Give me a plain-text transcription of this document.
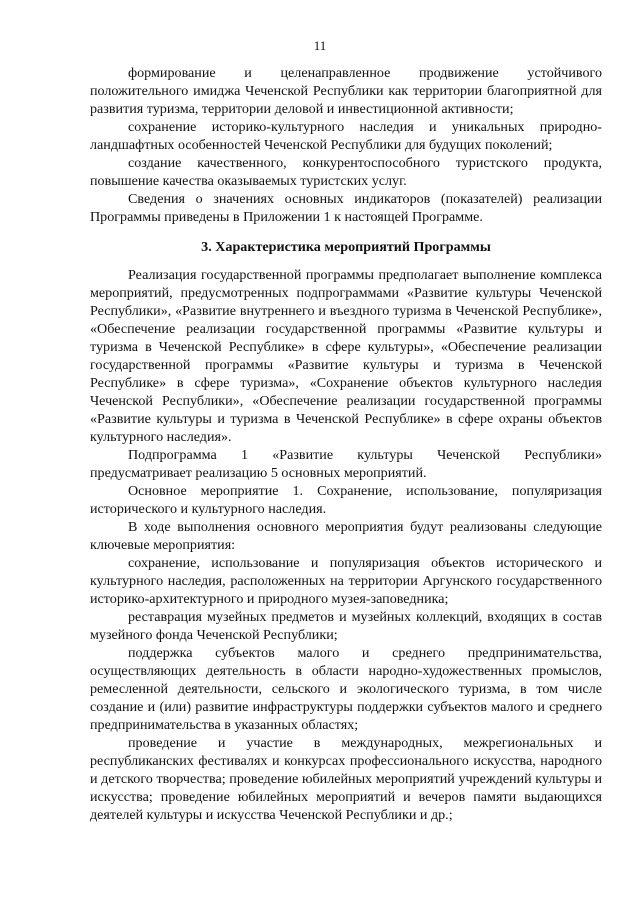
11

формирование и целенаправленное продвижение устойчивого положительного имиджа Чеченской Республики как территории благоприятной для развития туризма, территории деловой и инвестиционной активности;

сохранение историко-культурного наследия и уникальных природно-ландшафтных особенностей Чеченской Республики для будущих поколений;

создание качественного, конкурентоспособного туристского продукта, повышение качества оказываемых туристских услуг.

Сведения о значениях основных индикаторов (показателей) реализации Программы приведены в Приложении 1 к настоящей Программе.

3. Характеристика мероприятий Программы

Реализация государственной программы предполагает выполнение комплекса мероприятий, предусмотренных подпрограммами «Развитие культуры Чеченской Республики», «Развитие внутреннего и въездного туризма в Чеченской Республике», «Обеспечение реализации государственной программы «Развитие культуры и туризма в Чеченской Республике» в сфере культуры», «Обеспечение реализации государственной программы «Развитие культуры и туризма в Чеченской Республике» в сфере туризма», «Сохранение объектов культурного наследия Чеченской Республики», «Обеспечение реализации государственной программы «Развитие культуры и туризма в Чеченской Республике» в сфере охраны объектов культурного наследия».

Подпрограмма 1 «Развитие культуры Чеченской Республики» предусматривает реализацию 5 основных мероприятий.

Основное мероприятие 1. Сохранение, использование, популяризация исторического и культурного наследия.

В ходе выполнения основного мероприятия будут реализованы следующие ключевые мероприятия:

сохранение, использование и популяризация объектов исторического и культурного наследия, расположенных на территории Аргунского государственного историко-архитектурного и природного музея-заповедника;

реставрация музейных предметов и музейных коллекций, входящих в состав музейного фонда Чеченской Республики;

поддержка субъектов малого и среднего предпринимательства, осуществляющих деятельность в области народно-художественных промыслов, ремесленной деятельности, сельского и экологического туризма, в том числе создание и (или) развитие инфраструктуры поддержки субъектов малого и среднего предпринимательства в указанных областях;

проведение и участие в международных, межрегиональных и республиканских фестивалях и конкурсах профессионального искусства, народного и детского творчества; проведение юбилейных мероприятий учреждений культуры и искусства; проведение юбилейных мероприятий и вечеров памяти выдающихся деятелей культуры и искусства Чеченской Республики и др.;
